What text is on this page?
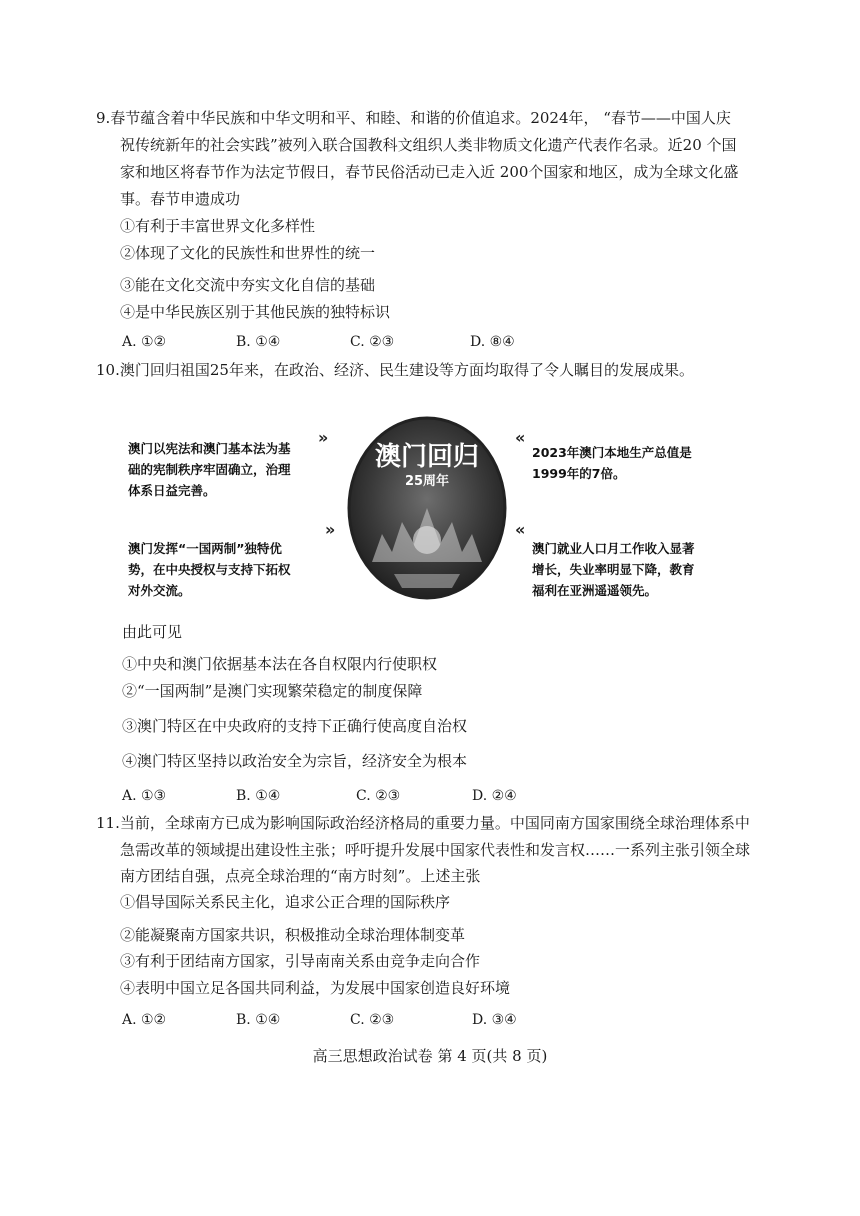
9.春节蕴含着中华民族和中华文明和平、和睦、和谐的价值追求。2024年， “春节——中国人庆
祝传统新年的社会实践”被列入联合国教科文组织人类非物质文化遗产代表作名录。近20 个国
家和地区将春节作为法定节假日，春节民俗活动已走入近 200个国家和地区，成为全球文化盛
事。春节申遗成功
①有利于丰富世界文化多样性
②体现了文化的民族性和世界性的统一
③能在文化交流中夯实文化自信的基础
④是中华民族区别于其他民族的独特标识
A. ①②	B. ①④	C. ②③	D. ⑧④
10.澳门回归祖国25年来，在政治、经济、民生建设等方面均取得了令人瞩目的发展成果。
澳门以宪法和澳门基本法为基
础的宪制秩序牢固确立，治理
体系日益完善。
»
澳门发挥“一国两制”独特优
势，在中央授权与支持下拓权
对外交流。
»
澳门回归
25周年
«
2023年澳门本地生产总值是
1999年的7倍。
«
澳门就业人口月工作收入显著
增长，失业率明显下降，教育
福利在亚洲遥遥领先。
由此可见
①中央和澳门依据基本法在各自权限内行使职权
②“一国两制”是澳门实现繁荣稳定的制度保障
③澳门特区在中央政府的支持下正确行使高度自治权
④澳门特区坚持以政治安全为宗旨，经济安全为根本
A. ①③	B. ①④	C. ②③	D. ②④
11.当前，全球南方已成为影响国际政治经济格局的重要力量。中国同南方国家围绕全球治理体系中
急需改革的领域提出建设性主张；呼吁提升发展中国家代表性和发言权……一系列主张引领全球
南方团结自强，点亮全球治理的“南方时刻”。上述主张
①倡导国际关系民主化，追求公正合理的国际秩序
②能凝聚南方国家共识，积极推动全球治理体制变革
③有利于团结南方国家，引导南南关系由竞争走向合作
④表明中国立足各国共同利益，为发展中国家创造良好环境
A. ①②	B. ①④	C. ②③	D. ③④
高三思想政治试卷 第 4 页(共 8 页)
